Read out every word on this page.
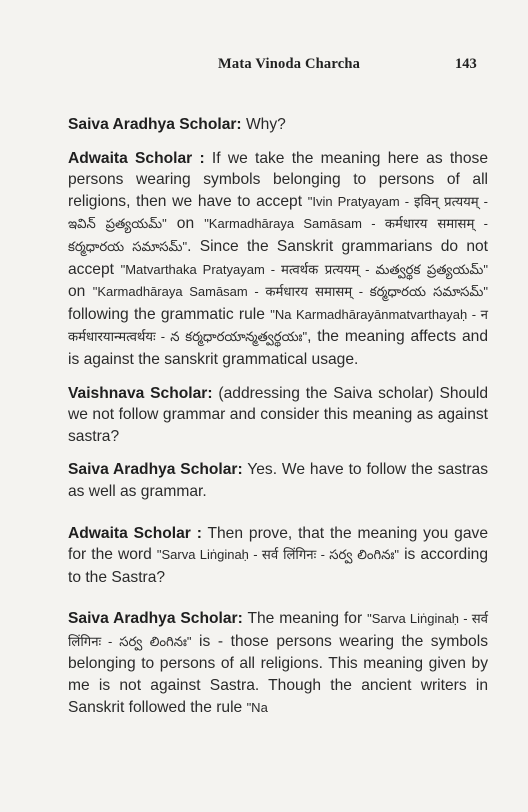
Mata Vinoda Charcha	143

Saiva Aradhya Scholar: Why?

Adwaita Scholar : If we take the meaning here as those persons wearing symbols belonging to persons of all religions, then we have to accept "Ivin Pratyayam - इविन् प्रत्ययम् - ఇవిన్ ప్రత్యయమ్" on "Karmadhāraya Samāsam - कर्मधारय समासम् - కర్మధారయ సమాసమ్". Since the Sanskrit grammarians do not accept "Matvarthaka Pratyayam - मत्वर्थक प्रत्ययम् - మత్వర్థక ప్రత్యయమ్" on "Karmadhāraya Samāsam - कर्मधारय समासम् - కర్మధారయ సమాసమ్" following the grammatic rule "Na Karmadhārayānmatvarthayaḥ - न कर्मधारयान्मत्वर्थयः - న కర్మధారయాన్మత్వర్థయః", the meaning affects and is against the sanskrit grammatical usage.

Vaishnava Scholar: (addressing the Saiva scholar) Should we not follow grammar and consider this meaning as against sastra?

Saiva Aradhya Scholar: Yes. We have to follow the sastras as well as grammar.

Adwaita Scholar : Then prove, that the meaning you gave for the word "Sarva Liṅginaḥ - सर्व लिंगिनः - సర్వ లింగినః" is according to the Sastra?

Saiva Aradhya Scholar: The meaning for "Sarva Liṅginaḥ - सर्व लिंगिनः - సర్వ లింగినః" is - those persons wearing the symbols belonging to persons of all religions. This meaning given by me is not against Sastra. Though the ancient writers in Sanskrit followed the rule "Na
